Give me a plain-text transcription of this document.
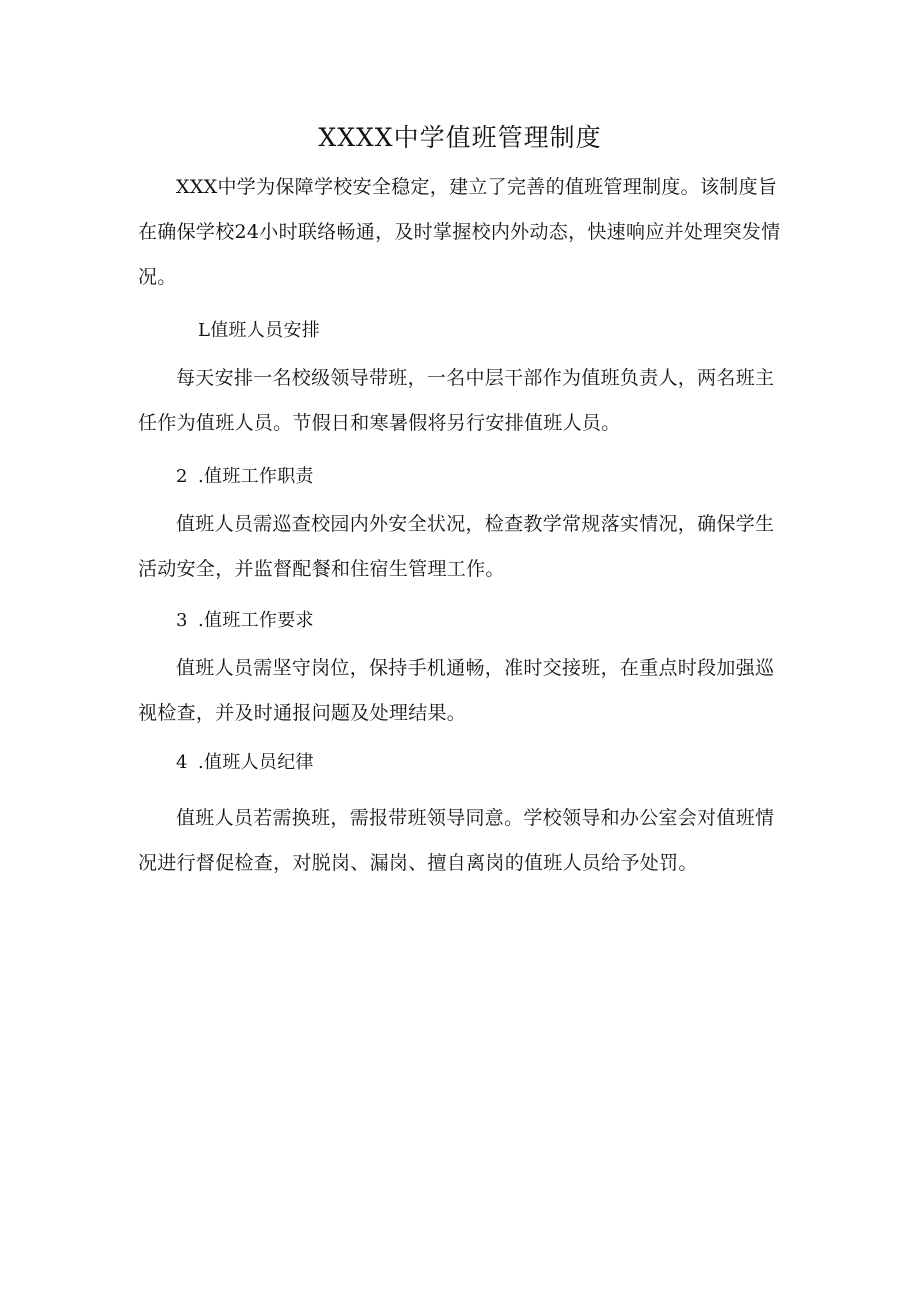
XXXX中学值班管理制度

XXX中学为保障学校安全稳定，建立了完善的值班管理制度。该制度旨在确保学校24小时联络畅通，及时掌握校内外动态，快速响应并处理突发情况。

L值班人员安排

每天安排一名校级领导带班，一名中层干部作为值班负责人，两名班主任作为值班人员。节假日和寒暑假将另行安排值班人员。

2 .值班工作职责

值班人员需巡查校园内外安全状况，检查教学常规落实情况，确保学生活动安全，并监督配餐和住宿生管理工作。

3 .值班工作要求

值班人员需坚守岗位，保持手机通畅，准时交接班，在重点时段加强巡视检查，并及时通报问题及处理结果。

4 .值班人员纪律

值班人员若需换班，需报带班领导同意。学校领导和办公室会对值班情况进行督促检查，对脱岗、漏岗、擅自离岗的值班人员给予处罚。
